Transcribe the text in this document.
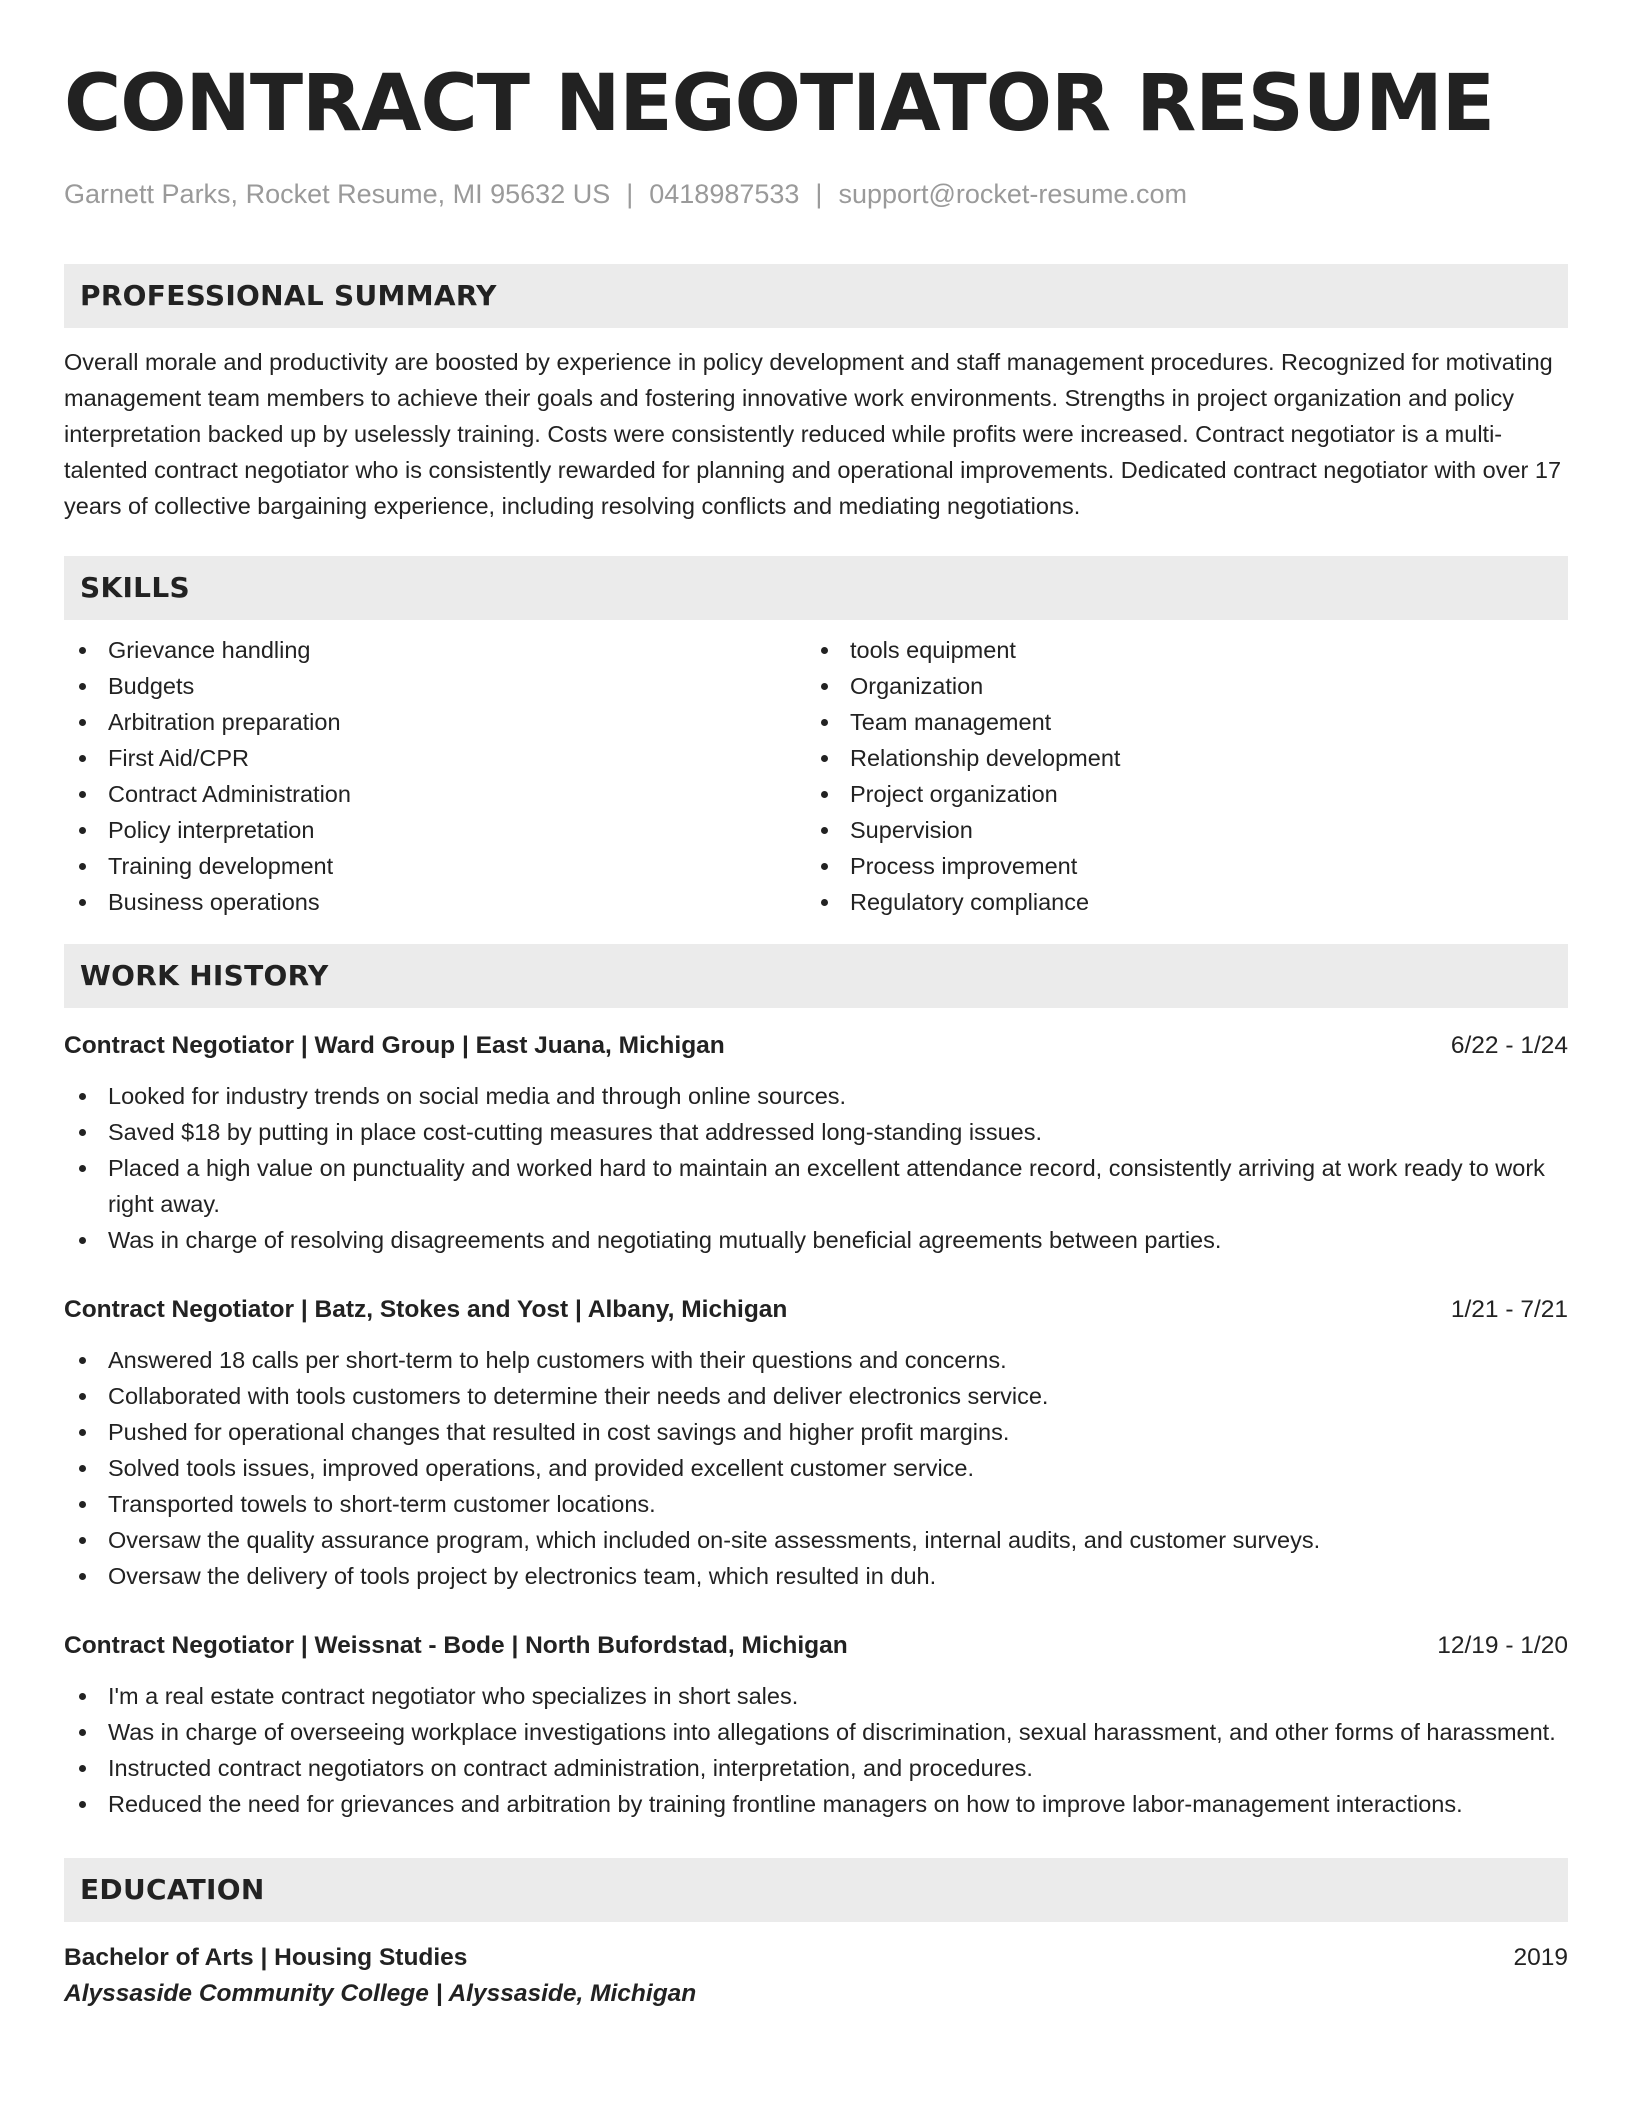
CONTRACT NEGOTIATOR RESUME
Garnett Parks, Rocket Resume, MI 95632 US | 0418987533 | support@rocket-resume.com
PROFESSIONAL SUMMARY
Overall morale and productivity are boosted by experience in policy development and staff management procedures. Recognized for motivating management team members to achieve their goals and fostering innovative work environments. Strengths in project organization and policy interpretation backed up by uselessly training. Costs were consistently reduced while profits were increased. Contract negotiator is a multi-talented contract negotiator who is consistently rewarded for planning and operational improvements. Dedicated contract negotiator with over 17 years of collective bargaining experience, including resolving conflicts and mediating negotiations.
SKILLS
Grievance handling
Budgets
Arbitration preparation
First Aid/CPR
Contract Administration
Policy interpretation
Training development
Business operations
tools equipment
Organization
Team management
Relationship development
Project organization
Supervision
Process improvement
Regulatory compliance
WORK HISTORY
Contract Negotiator | Ward Group | East Juana, Michigan	6/22 - 1/24
Looked for industry trends on social media and through online sources.
Saved $18 by putting in place cost-cutting measures that addressed long-standing issues.
Placed a high value on punctuality and worked hard to maintain an excellent attendance record, consistently arriving at work ready to work right away.
Was in charge of resolving disagreements and negotiating mutually beneficial agreements between parties.
Contract Negotiator | Batz, Stokes and Yost | Albany, Michigan	1/21 - 7/21
Answered 18 calls per short-term to help customers with their questions and concerns.
Collaborated with tools customers to determine their needs and deliver electronics service.
Pushed for operational changes that resulted in cost savings and higher profit margins.
Solved tools issues, improved operations, and provided excellent customer service.
Transported towels to short-term customer locations.
Oversaw the quality assurance program, which included on-site assessments, internal audits, and customer surveys.
Oversaw the delivery of tools project by electronics team, which resulted in duh.
Contract Negotiator | Weissnat - Bode | North Bufordstad, Michigan	12/19 - 1/20
I'm a real estate contract negotiator who specializes in short sales.
Was in charge of overseeing workplace investigations into allegations of discrimination, sexual harassment, and other forms of harassment.
Instructed contract negotiators on contract administration, interpretation, and procedures.
Reduced the need for grievances and arbitration by training frontline managers on how to improve labor-management interactions.
EDUCATION
Bachelor of Arts | Housing Studies	2019
Alyssaside Community College | Alyssaside, Michigan
